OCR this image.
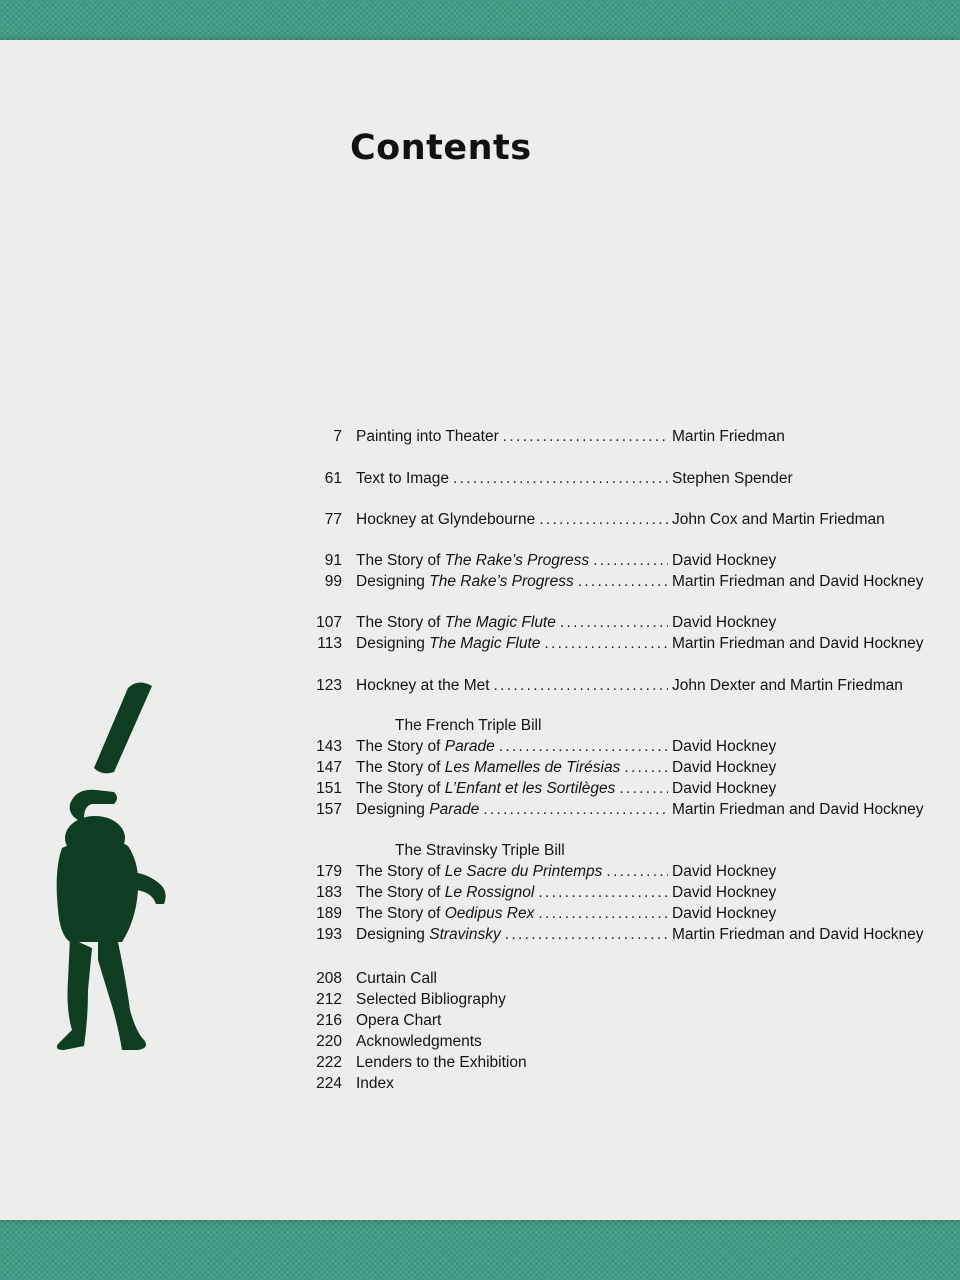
Contents
The French Triple Bill
The Stravinsky Triple Bill
7 Painting into Theater . . .	Martin Friedman
61 Text to Image . . .	Stephen Spender
77 Hockney at Glyndebourne . . .	John Cox and Martin Friedman
91 The Story of The Rake’s Progress . . .	David Hockney
99 Designing The Rake’s Progress . . .	Martin Friedman and David Hockney
107 The Story of The Magic Flute . . .	David Hockney
113 Designing The Magic Flute . . .	Martin Friedman and David Hockney
123 Hockney at the Met . . .	John Dexter and Martin Friedman
143 The Story of Parade . . .	David Hockney
147 The Story of Les Mamelles de Tirésias . . .	David Hockney
151 The Story of L’Enfant et les Sortilèges . . .	David Hockney
157 Designing Parade . . .	Martin Friedman and David Hockney
179 The Story of Le Sacre du Printemps . . .	David Hockney
183 The Story of Le Rossignol . . .	David Hockney
189 The Story of Oedipus Rex . . .	David Hockney
193 Designing Stravinsky . . .	Martin Friedman and David Hockney
208 Curtain Call
212 Selected Bibliography
216 Opera Chart
220 Acknowledgments
222 Lenders to the Exhibition
224 Index
